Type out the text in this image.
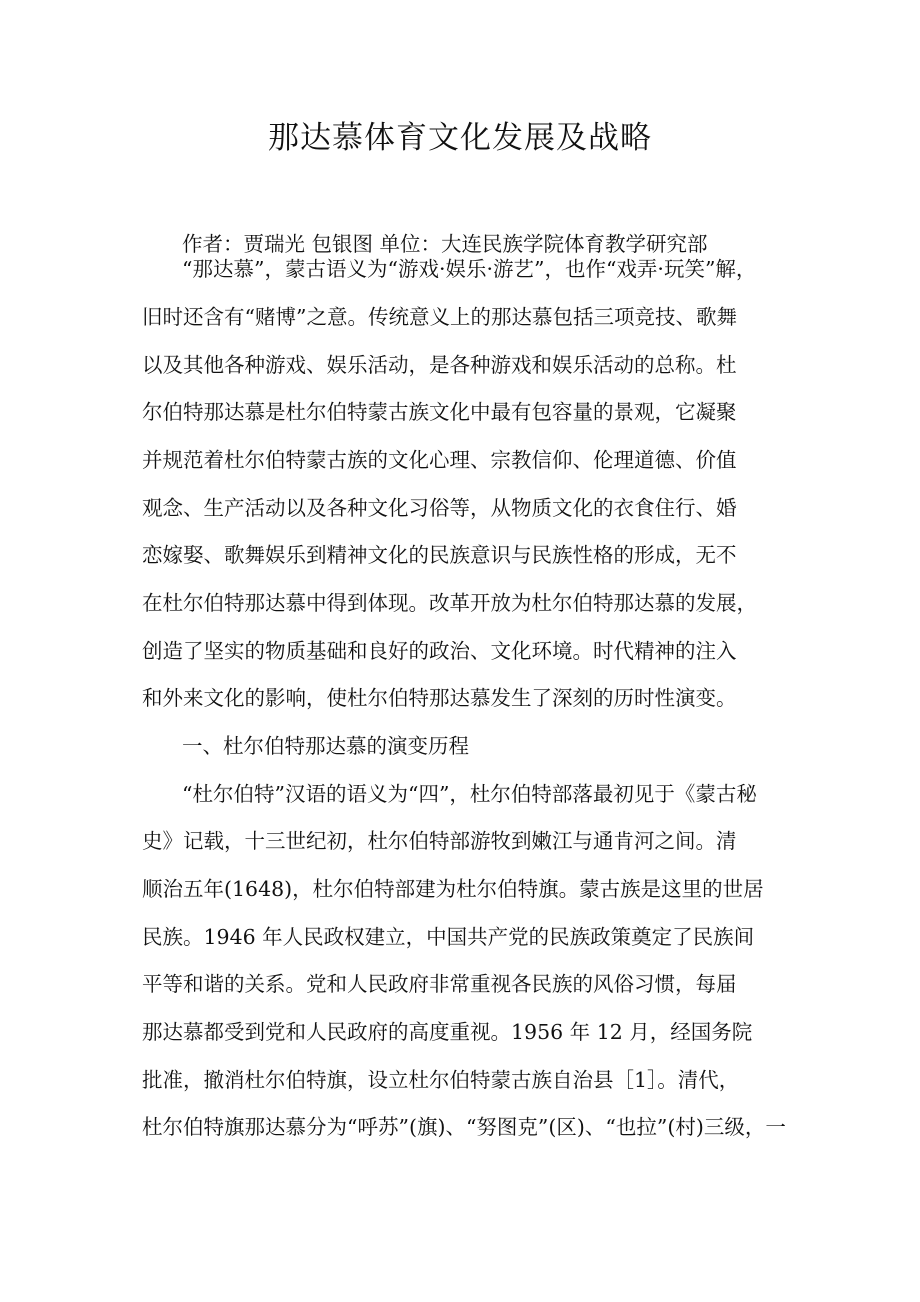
那达慕体育文化发展及战略
作者：贾瑞光 包银图 单位：大连民族学院体育教学研究部
“那达慕”，蒙古语义为“游戏·娱乐·游艺”，也作“戏弄·玩笑”解，
旧时还含有“赌博”之意。传统意义上的那达慕包括三项竞技、歌舞
以及其他各种游戏、娱乐活动，是各种游戏和娱乐活动的总称。杜
尔伯特那达慕是杜尔伯特蒙古族文化中最有包容量的景观，它凝聚
并规范着杜尔伯特蒙古族的文化心理、宗教信仰、伦理道德、价值
观念、生产活动以及各种文化习俗等，从物质文化的衣食住行、婚
恋嫁娶、歌舞娱乐到精神文化的民族意识与民族性格的形成，无不
在杜尔伯特那达慕中得到体现。改革开放为杜尔伯特那达慕的发展，
创造了坚实的物质基础和良好的政治、文化环境。时代精神的注入
和外来文化的影响，使杜尔伯特那达慕发生了深刻的历时性演变。
一、杜尔伯特那达慕的演变历程
“杜尔伯特”汉语的语义为“四”，杜尔伯特部落最初见于《蒙古秘
史》记载，十三世纪初，杜尔伯特部游牧到嫩江与通肯河之间。清
顺治五年(1648)，杜尔伯特部建为杜尔伯特旗。蒙古族是这里的世居
民族。1946 年人民政权建立，中国共产党的民族政策奠定了民族间
平等和谐的关系。党和人民政府非常重视各民族的风俗习惯，每届
那达慕都受到党和人民政府的高度重视。1956 年 12 月，经国务院
批准，撤消杜尔伯特旗，设立杜尔伯特蒙古族自治县［1］。清代，
杜尔伯特旗那达慕分为“呼苏”(旗)、“努图克”(区)、“也拉”(村)三级，一
